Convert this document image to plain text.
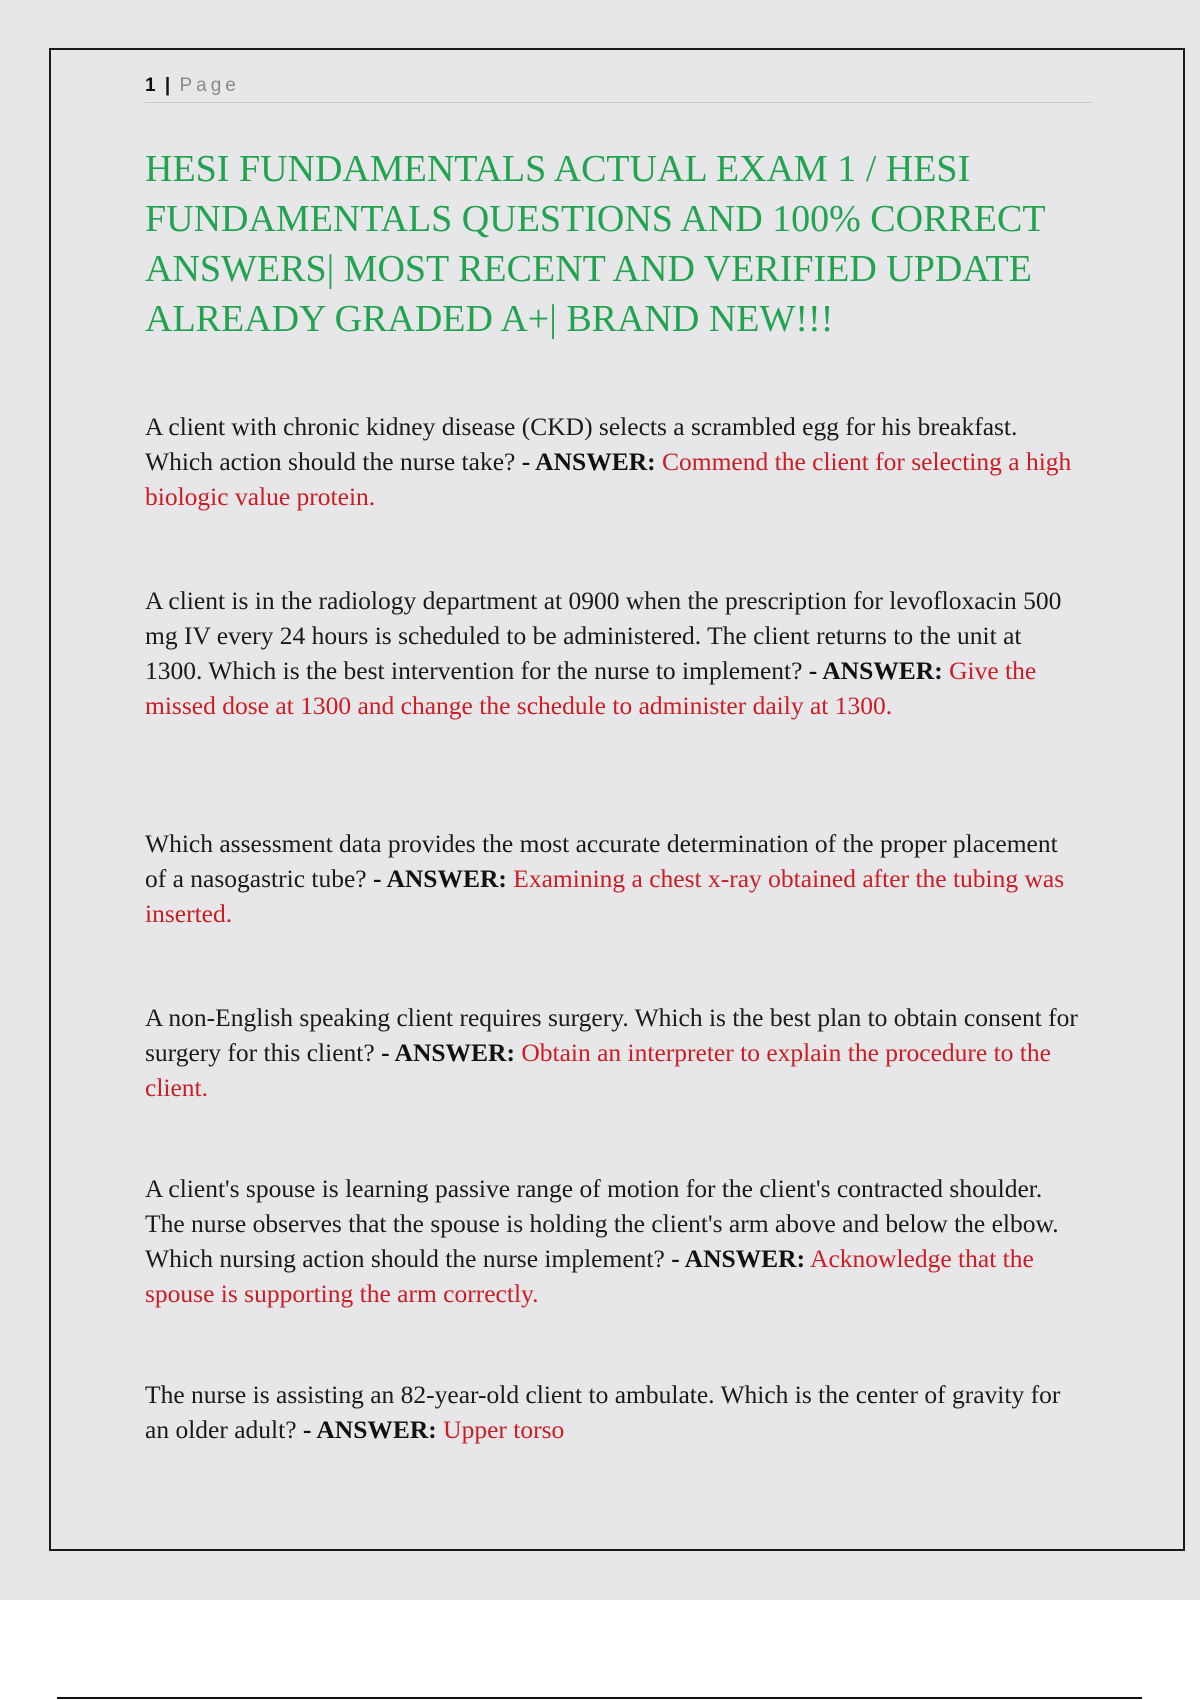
1 | Page
HESI FUNDAMENTALS ACTUAL EXAM 1 / HESI FUNDAMENTALS QUESTIONS AND 100% CORRECT ANSWERS| MOST RECENT AND VERIFIED UPDATE ALREADY GRADED A+| BRAND NEW!!!

A client with chronic kidney disease (CKD) selects a scrambled egg for his breakfast. Which action should the nurse take? - ANSWER: Commend the client for selecting a high biologic value protein.

A client is in the radiology department at 0900 when the prescription for levofloxacin 500 mg IV every 24 hours is scheduled to be administered. The client returns to the unit at 1300. Which is the best intervention for the nurse to implement? - ANSWER: Give the missed dose at 1300 and change the schedule to administer daily at 1300.

Which assessment data provides the most accurate determination of the proper placement of a nasogastric tube? - ANSWER: Examining a chest x-ray obtained after the tubing was inserted.

A non-English speaking client requires surgery. Which is the best plan to obtain consent for surgery for this client? - ANSWER: Obtain an interpreter to explain the procedure to the client.

A client's spouse is learning passive range of motion for the client's contracted shoulder. The nurse observes that the spouse is holding the client's arm above and below the elbow. Which nursing action should the nurse implement? - ANSWER: Acknowledge that the spouse is supporting the arm correctly.

The nurse is assisting an 82-year-old client to ambulate. Which is the center of gravity for an older adult? - ANSWER: Upper torso
